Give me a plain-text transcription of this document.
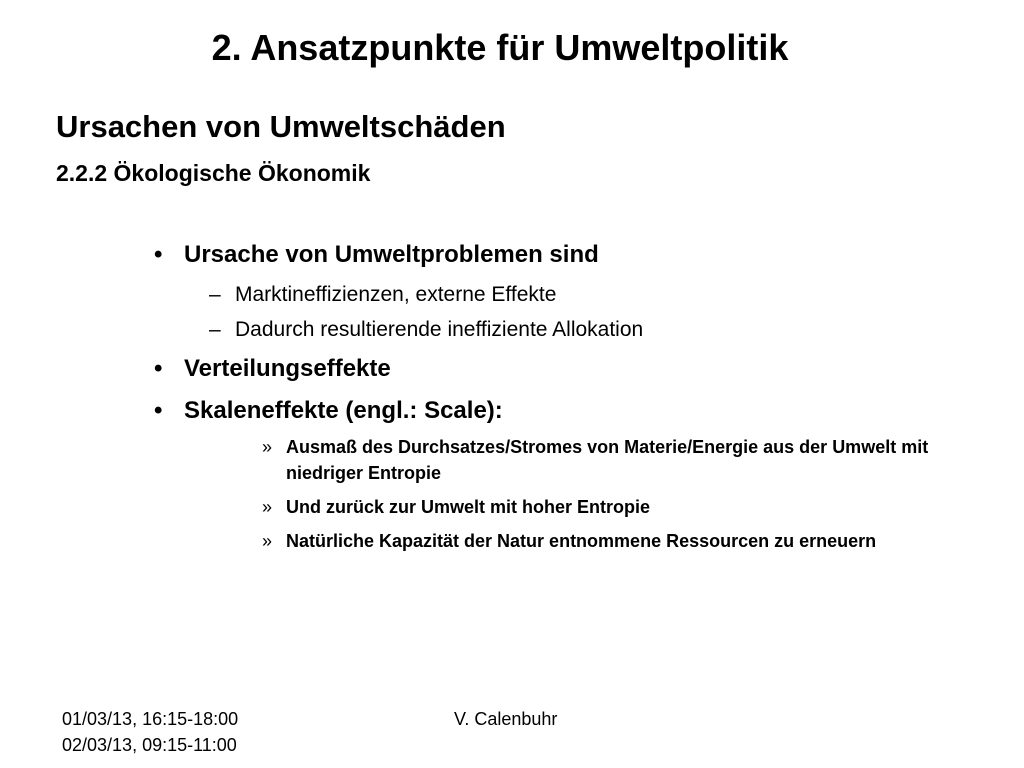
2. Ansatzpunkte für Umweltpolitik
Ursachen von Umweltschäden
2.2.2 Ökologische Ökonomik
• Ursache von Umweltproblemen sind
– Marktineffizienzen, externe Effekte
– Dadurch resultierende ineffiziente Allokation
• Verteilungseffekte
• Skaleneffekte (engl.: Scale):
» Ausmaß des Durchsatzes/Stromes von Materie/Energie aus der Umwelt mit niedriger Entropie
» Und zurück zur Umwelt mit hoher Entropie
» Natürliche Kapazität der Natur entnommene Ressourcen zu erneuern
01/03/13, 16:15-18:00
02/03/13, 09:15-11:00
V. Calenbuhr
